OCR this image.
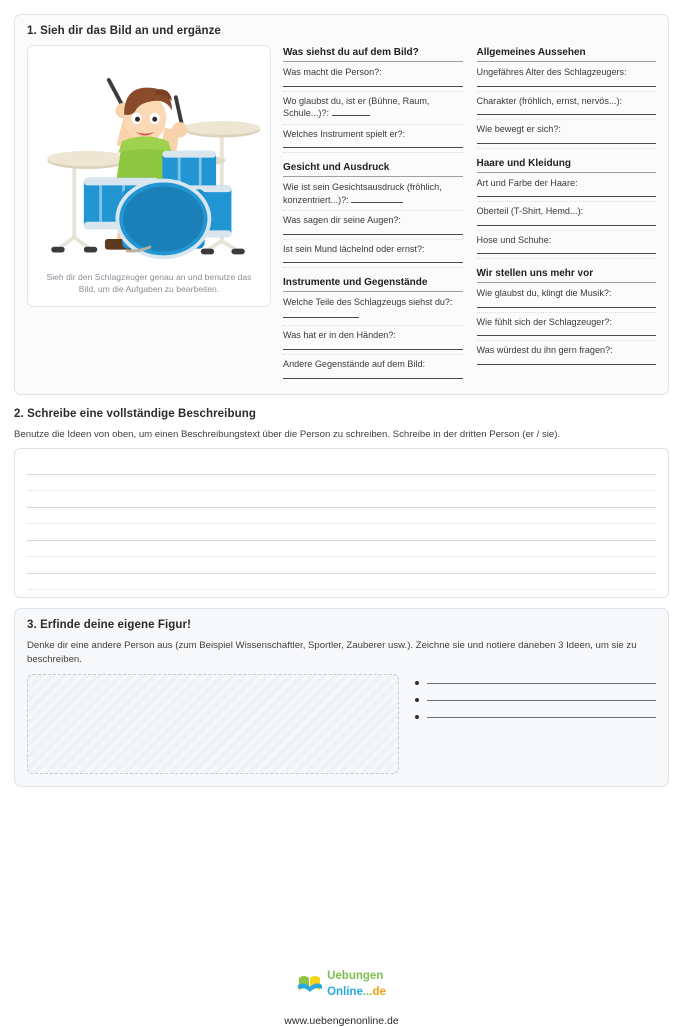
1. Sieh dir das Bild an und ergänze
Sieh dir den Schlagzeuger genau an und benutze das Bild, um die Aufgaben zu bearbeiten.
Was siehst du auf dem Bild?
Was macht die Person?:
Wo glaubst du, ist er (Bühne, Raum, Schule...)?:
Welches Instrument spielt er?:
Gesicht und Ausdruck
Wie ist sein Gesichtsausdruck (fröhlich, konzentriert...)?:
Was sagen dir seine Augen?:
Ist sein Mund lächelnd oder ernst?:
Instrumente und Gegenstände
Welche Teile des Schlagzeugs siehst du?:
Was hat er in den Händen?:
Andere Gegenstände auf dem Bild:
Allgemeines Aussehen
Ungefähres Alter des Schlagzeugers:
Charakter (fröhlich, ernst, nervös...):
Wie bewegt er sich?:
Haare und Kleidung
Art und Farbe der Haare:
Oberteil (T-Shirt, Hemd...):
Hose und Schuhe:
Wir stellen uns mehr vor
Wie glaubst du, klingt die Musik?:
Wie fühlt sich der Schlagzeuger?:
Was würdest du ihn gern fragen?:
2. Schreibe eine vollständige Beschreibung
Benutze die Ideen von oben, um einen Beschreibungstext über die Person zu schreiben. Schreibe in der dritten Person (er / sie).
3. Erfinde deine eigene Figur!
Denke dir eine andere Person aus (zum Beispiel Wissenschaftler, Sportler, Zauberer usw.). Zeichne sie und notiere daneben 3 Ideen, um sie zu beschreiben.
Uebungen
Online...de
www.uebengenonline.de
